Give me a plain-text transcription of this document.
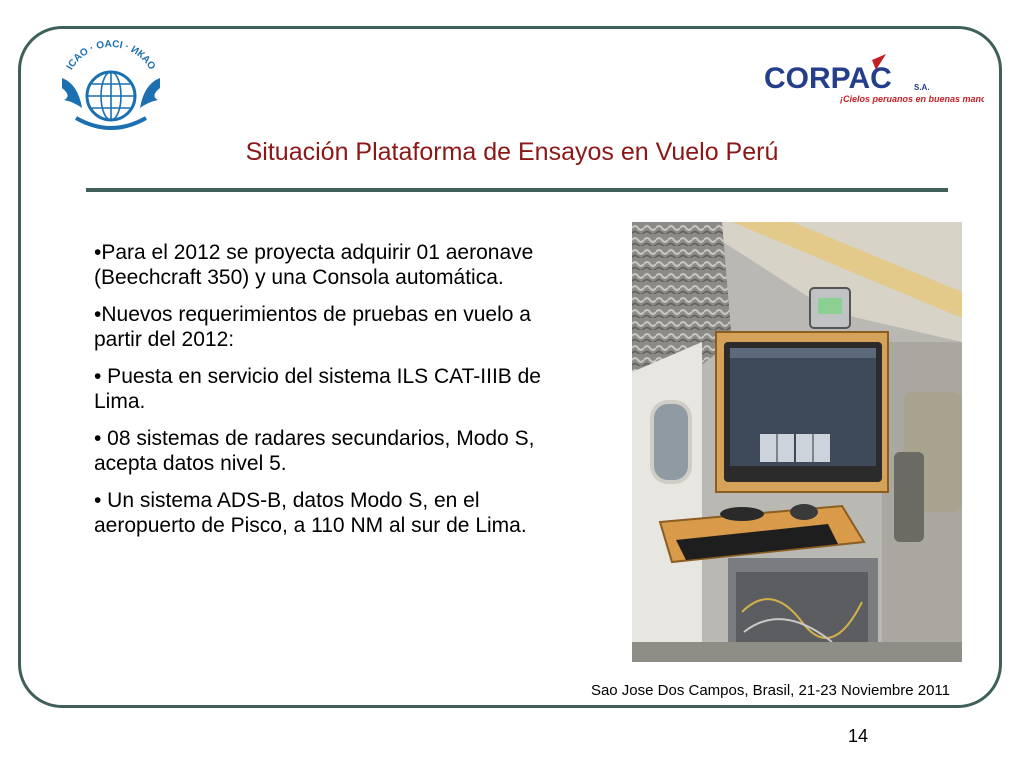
ICAO · OACI · ИКАО	CORPAC	S.A.
¡Cielos peruanos en buenas manos!
Situación Plataforma de Ensayos en Vuelo Perú

•Para el 2012 se proyecta adquirir 01 aeronave (Beechcraft 350) y una Consola automática.

•Nuevos requerimientos de pruebas en vuelo a partir del 2012:

• Puesta en servicio del sistema ILS CAT-IIIB de Lima.

• 08 sistemas de radares secundarios, Modo S, acepta datos nivel 5.

• Un sistema ADS-B, datos Modo S, en el aeropuerto de Pisco, a 110 NM al sur de Lima.

Sao Jose Dos Campos, Brasil, 21-23 Noviembre 2011
14
